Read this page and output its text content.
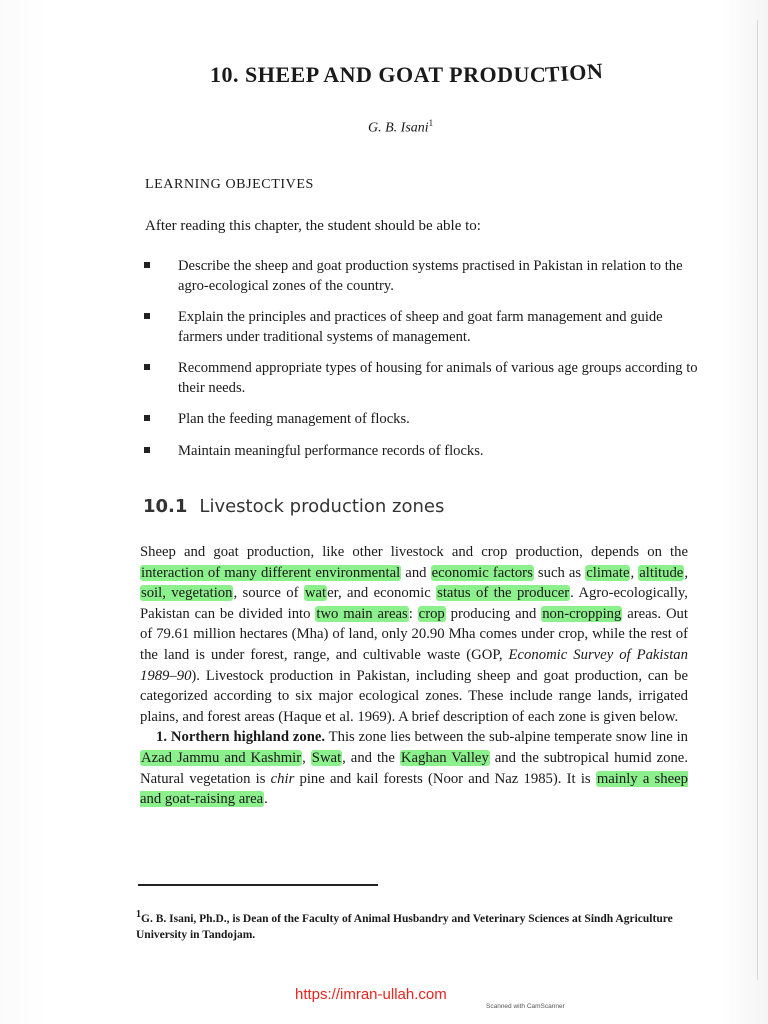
10. SHEEP AND GOAT PRODUCTION
G. B. Isani$^1$
LEARNING OBJECTIVES
After reading this chapter, the student should be able to:
Describe the sheep and goat production systems practised in Pakistan in relation to the agro-ecological zones of the country.
Explain the principles and practices of sheep and goat farm management and guide farmers under traditional systems of management.
Recommend appropriate types of housing for animals of various age groups according to their needs.
Plan the feeding management of flocks.
Maintain meaningful performance records of flocks.
10.1 Livestock production zones

Sheep and goat production, like other livestock and crop production, depends on the interaction of many different environmental and economic factors such as climate, altitude, soil, vegetation, source of water, and economic status of the producer. Agro-ecologically, Pakistan can be divided into two main areas: crop producing and non-cropping areas. Out of 79.61 million hectares (Mha) of land, only 20.90 Mha comes under crop, while the rest of the land is under forest, range, and cultivable waste (GOP, Economic Survey of Pakistan 1989–90). Livestock production in Pakistan, including sheep and goat production, can be categorized according to six major ecological zones. These include range lands, irrigated plains, and forest areas (Haque et al. 1969). A brief description of each zone is given below.

1. Northern highland zone. This zone lies between the sub-alpine temperate snow line in Azad Jammu and Kashmir, Swat, and the Kaghan Valley and the subtropical humid zone. Natural vegetation is chir pine and kail forests (Noor and Naz 1985). It is mainly a sheep and goat-raising area.

$^1$G. B. Isani, Ph.D., is Dean of the Faculty of Animal Husbandry and Veterinary Sciences at Sindh Agriculture University in Tandojam.
https://imran-ullah.com
Scanned with CamScanner
